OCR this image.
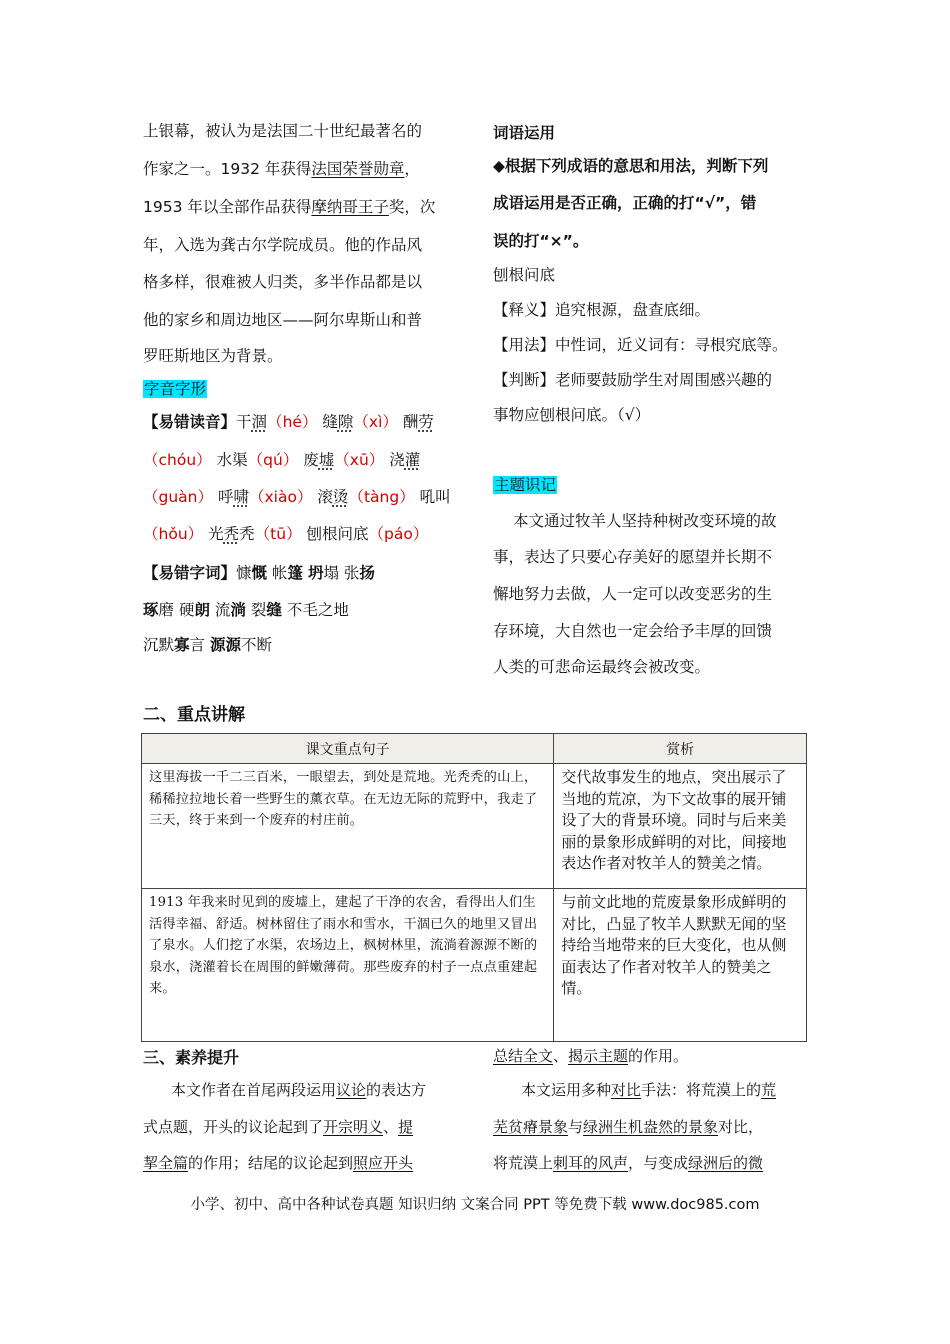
上银幕，被认为是法国二十世纪最著名的
作家之一。1932 年获得法国荣誉勋章，
1953 年以全部作品获得摩纳哥王子奖，次
年，入选为龚古尔学院成员。他的作品风
格多样，很难被人归类，多半作品都是以
他的家乡和周边地区——阿尔卑斯山和普
罗旺斯地区为背景。
字音字形
【易错读音】干涸（hé） 缝隙（xì） 酬劳
（chóu） 水渠（qú） 废墟（xū） 浇灌
（guàn） 呼啸（xiào） 滚烫（tàng） 吼叫
（hǒu） 光秃秃（tū） 刨根问底（páo）
【易错字词】慷慨 帐篷 坍塌 张扬
琢磨 硬朗 流淌 裂缝 不毛之地
沉默寡言 源源不断
词语运用
◆根据下列成语的意思和用法，判断下列
成语运用是否正确，正确的打“√”，错
误的打“×”。
刨根问底
【释义】追究根源，盘查底细。
【用法】中性词，近义词有：寻根究底等。
【判断】老师要鼓励学生对周围感兴趣的
事物应刨根问底。（√）
主题识记
本文通过牧羊人坚持种树改变环境的故
事，表达了只要心存美好的愿望并长期不
懈地努力去做，人一定可以改变恶劣的生
存环境，大自然也一定会给予丰厚的回馈
人类的可悲命运最终会被改变。
二、重点讲解
课文重点句子	赏析
这里海拔一千二三百米，一眼望去，到处是荒地。光秃秃的山上，稀稀拉拉地长着一些野生的薰衣草。在无边无际的荒野中，我走了三天，终于来到一个废弃的村庄前。	交代故事发生的地点，突出展示了当地的荒凉，为下文故事的展开铺设了大的背景环境。同时与后来美丽的景象形成鲜明的对比，间接地表达作者对牧羊人的赞美之情。
1913 年我来时见到的废墟上，建起了干净的农舍，看得出人们生活得幸福、舒适。树林留住了雨水和雪水，干涸已久的地里又冒出了泉水。人们挖了水渠，农场边上，枫树林里，流淌着源源不断的泉水，浇灌着长在周围的鲜嫩薄荷。那些废弃的村子一点点重建起来。	与前文此地的荒废景象形成鲜明的对比，凸显了牧羊人默默无闻的坚持给当地带来的巨大变化，也从侧面表达了作者对牧羊人的赞美之情。
三、素养提升
本文作者在首尾两段运用议论的表达方
式点题，开头的议论起到了开宗明义、提
挈全篇的作用；结尾的议论起到照应开头
总结全文、揭示主题的作用。
本文运用多种对比手法：将荒漠上的荒
芜贫瘠景象与绿洲生机盎然的景象对比，
将荒漠上刺耳的风声，与变成绿洲后的微
小学、初中、高中各种试卷真题 知识归纳 文案合同 PPT 等免费下载 www.doc985.com
